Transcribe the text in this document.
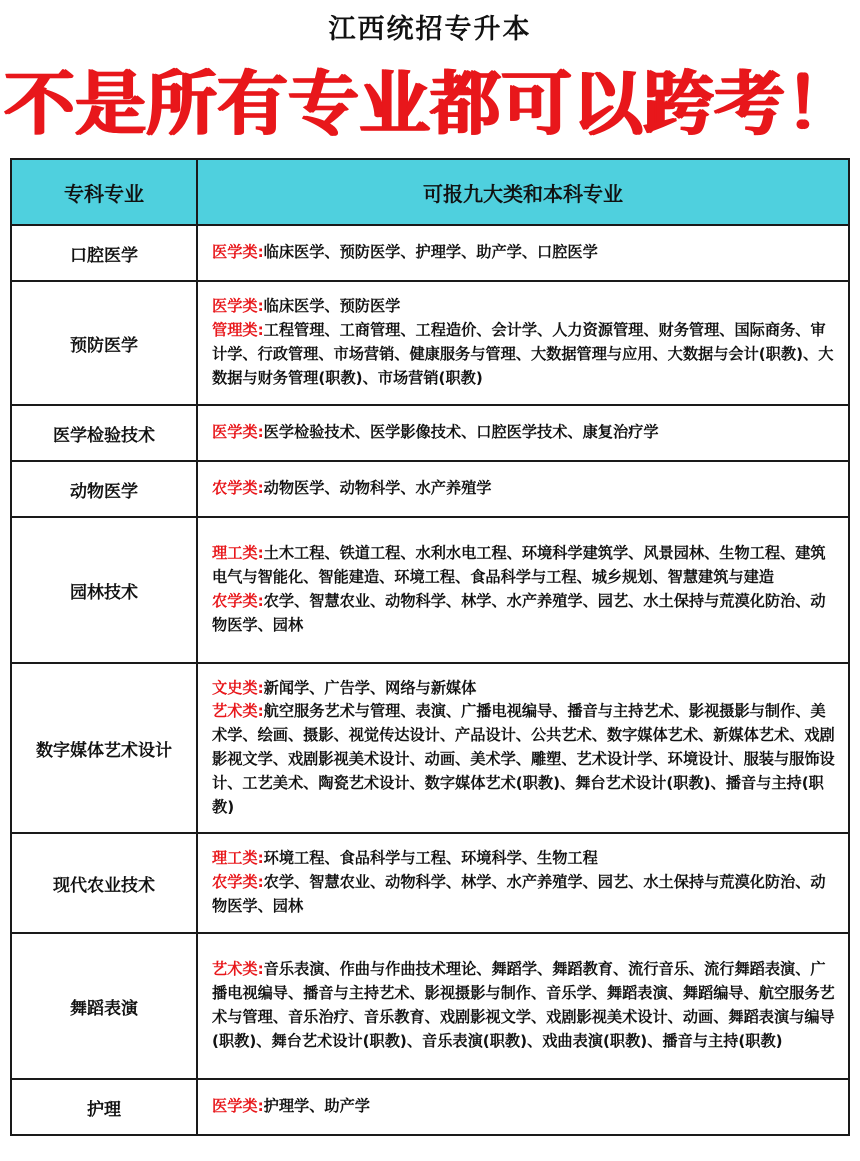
江西统招专升本
不是所有专业都可以跨考！
专科专业	可报九大类和本科专业
口腔医学	医学类:临床医学、预防医学、护理学、助产学、口腔医学

预防医学	医学类:临床医学、预防医学
管理类:工程管理、工商管理、工程造价、会计学、人力资源管理、财务管理、国际商务、审计学、行政管理、市场营销、健康服务与管理、大数据管理与应用、大数据与会计(职教)、大数据与财务管理(职教)、市场营销(职教)

医学检验技术	医学类:医学检验技术、医学影像技术、口腔医学技术、康复治疗学

动物医学	农学类:动物医学、动物科学、水产养殖学

园林技术	理工类:土木工程、铁道工程、水利水电工程、环境科学建筑学、风景园林、生物工程、建筑电气与智能化、智能建造、环境工程、食品科学与工程、城乡规划、智慧建筑与建造
农学类:农学、智慧农业、动物科学、林学、水产养殖学、园艺、水土保持与荒漠化防治、动物医学、园林

数字媒体艺术设计	文史类:新闻学、广告学、网络与新媒体
艺术类:航空服务艺术与管理、表演、广播电视编导、播音与主持艺术、影视摄影与制作、美术学、绘画、摄影、视觉传达设计、产品设计、公共艺术、数字媒体艺术、新媒体艺术、戏剧影视文学、戏剧影视美术设计、动画、美术学、雕塑、艺术设计学、环境设计、服装与服饰设计、工艺美术、陶瓷艺术设计、数字媒体艺术(职教)、舞台艺术设计(职教)、播音与主持(职教)

现代农业技术	理工类:环境工程、食品科学与工程、环境科学、生物工程
农学类:农学、智慧农业、动物科学、林学、水产养殖学、园艺、水土保持与荒漠化防治、动物医学、园林

舞蹈表演	艺术类:音乐表演、作曲与作曲技术理论、舞蹈学、舞蹈教育、流行音乐、流行舞蹈表演、广播电视编导、播音与主持艺术、影视摄影与制作、音乐学、舞蹈表演、舞蹈编导、航空服务艺术与管理、音乐治疗、音乐教育、戏剧影视文学、戏剧影视美术设计、动画、舞蹈表演与编导(职教)、舞台艺术设计(职教)、音乐表演(职教)、戏曲表演(职教)、播音与主持(职教)

护理	医学类:护理学、助产学
